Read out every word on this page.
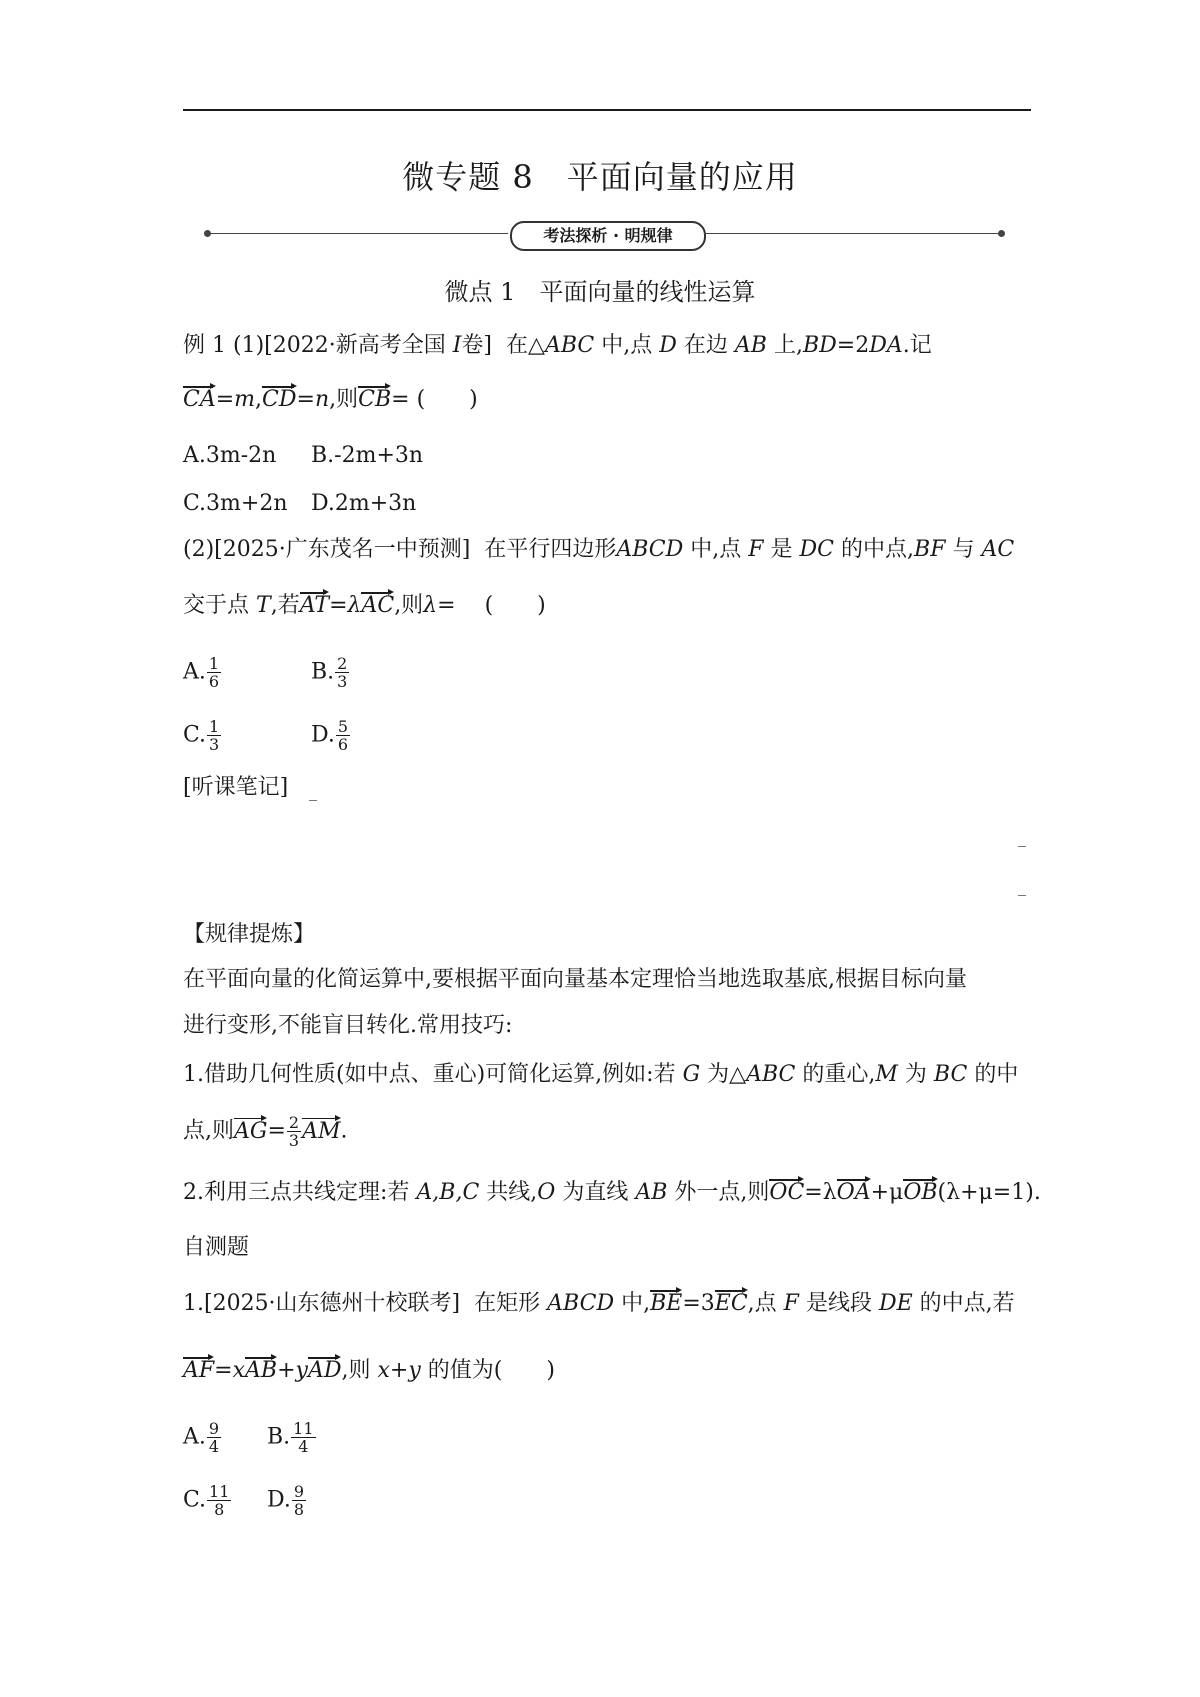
微专题 8　平面向量的应用
考法探析 · 明规律
微点 1　平面向量的线性运算
例 1 (1)[2022·新高考全国 I卷] 在△ABC 中,点 D 在边 AB 上,BD=2DA.记
CA=m,CD=n,则CB= (　　)
A.3m-2n B.-2m+3n
C.3m+2n D.2m+3n
(2)[2025·广东茂名一中预测] 在平行四边形ABCD 中,点 F 是 DC 的中点,BF 与 AC
交于点 T,若AT=λAC,则λ=　 (　　)
A. $\frac{1}{6}$	B. $\frac{2}{3}$
C. $\frac{1}{3}$	D. $\frac{5}{6}$
[听课笔记]
【规律提炼】
在平面向量的化简运算中,要根据平面向量基本定理恰当地选取基底,根据目标向量
进行变形,不能盲目转化.常用技巧:
1.借助几何性质(如中点、重心)可简化运算,例如:若 G 为△ABC 的重心,M 为 BC 的中
点,则$AG= \frac{2}{3}$ AM.
2.利用三点共线定理:若 A,B,C 共线,O 为直线 AB 外一点,则OC=λOA+μOB(λ+μ=1).
自测题
1.[2025·山东德州十校联考] 在矩形 ABCD 中,BE=3EC,点 F 是线段 DE 的中点,若
AF=xAB+yAD,则 x+y 的值为(　　)
A. $\frac{9}{4} B$. $\frac{11}{4}$
C. $\frac{11}{8} D$. $\frac{9}{8}$
